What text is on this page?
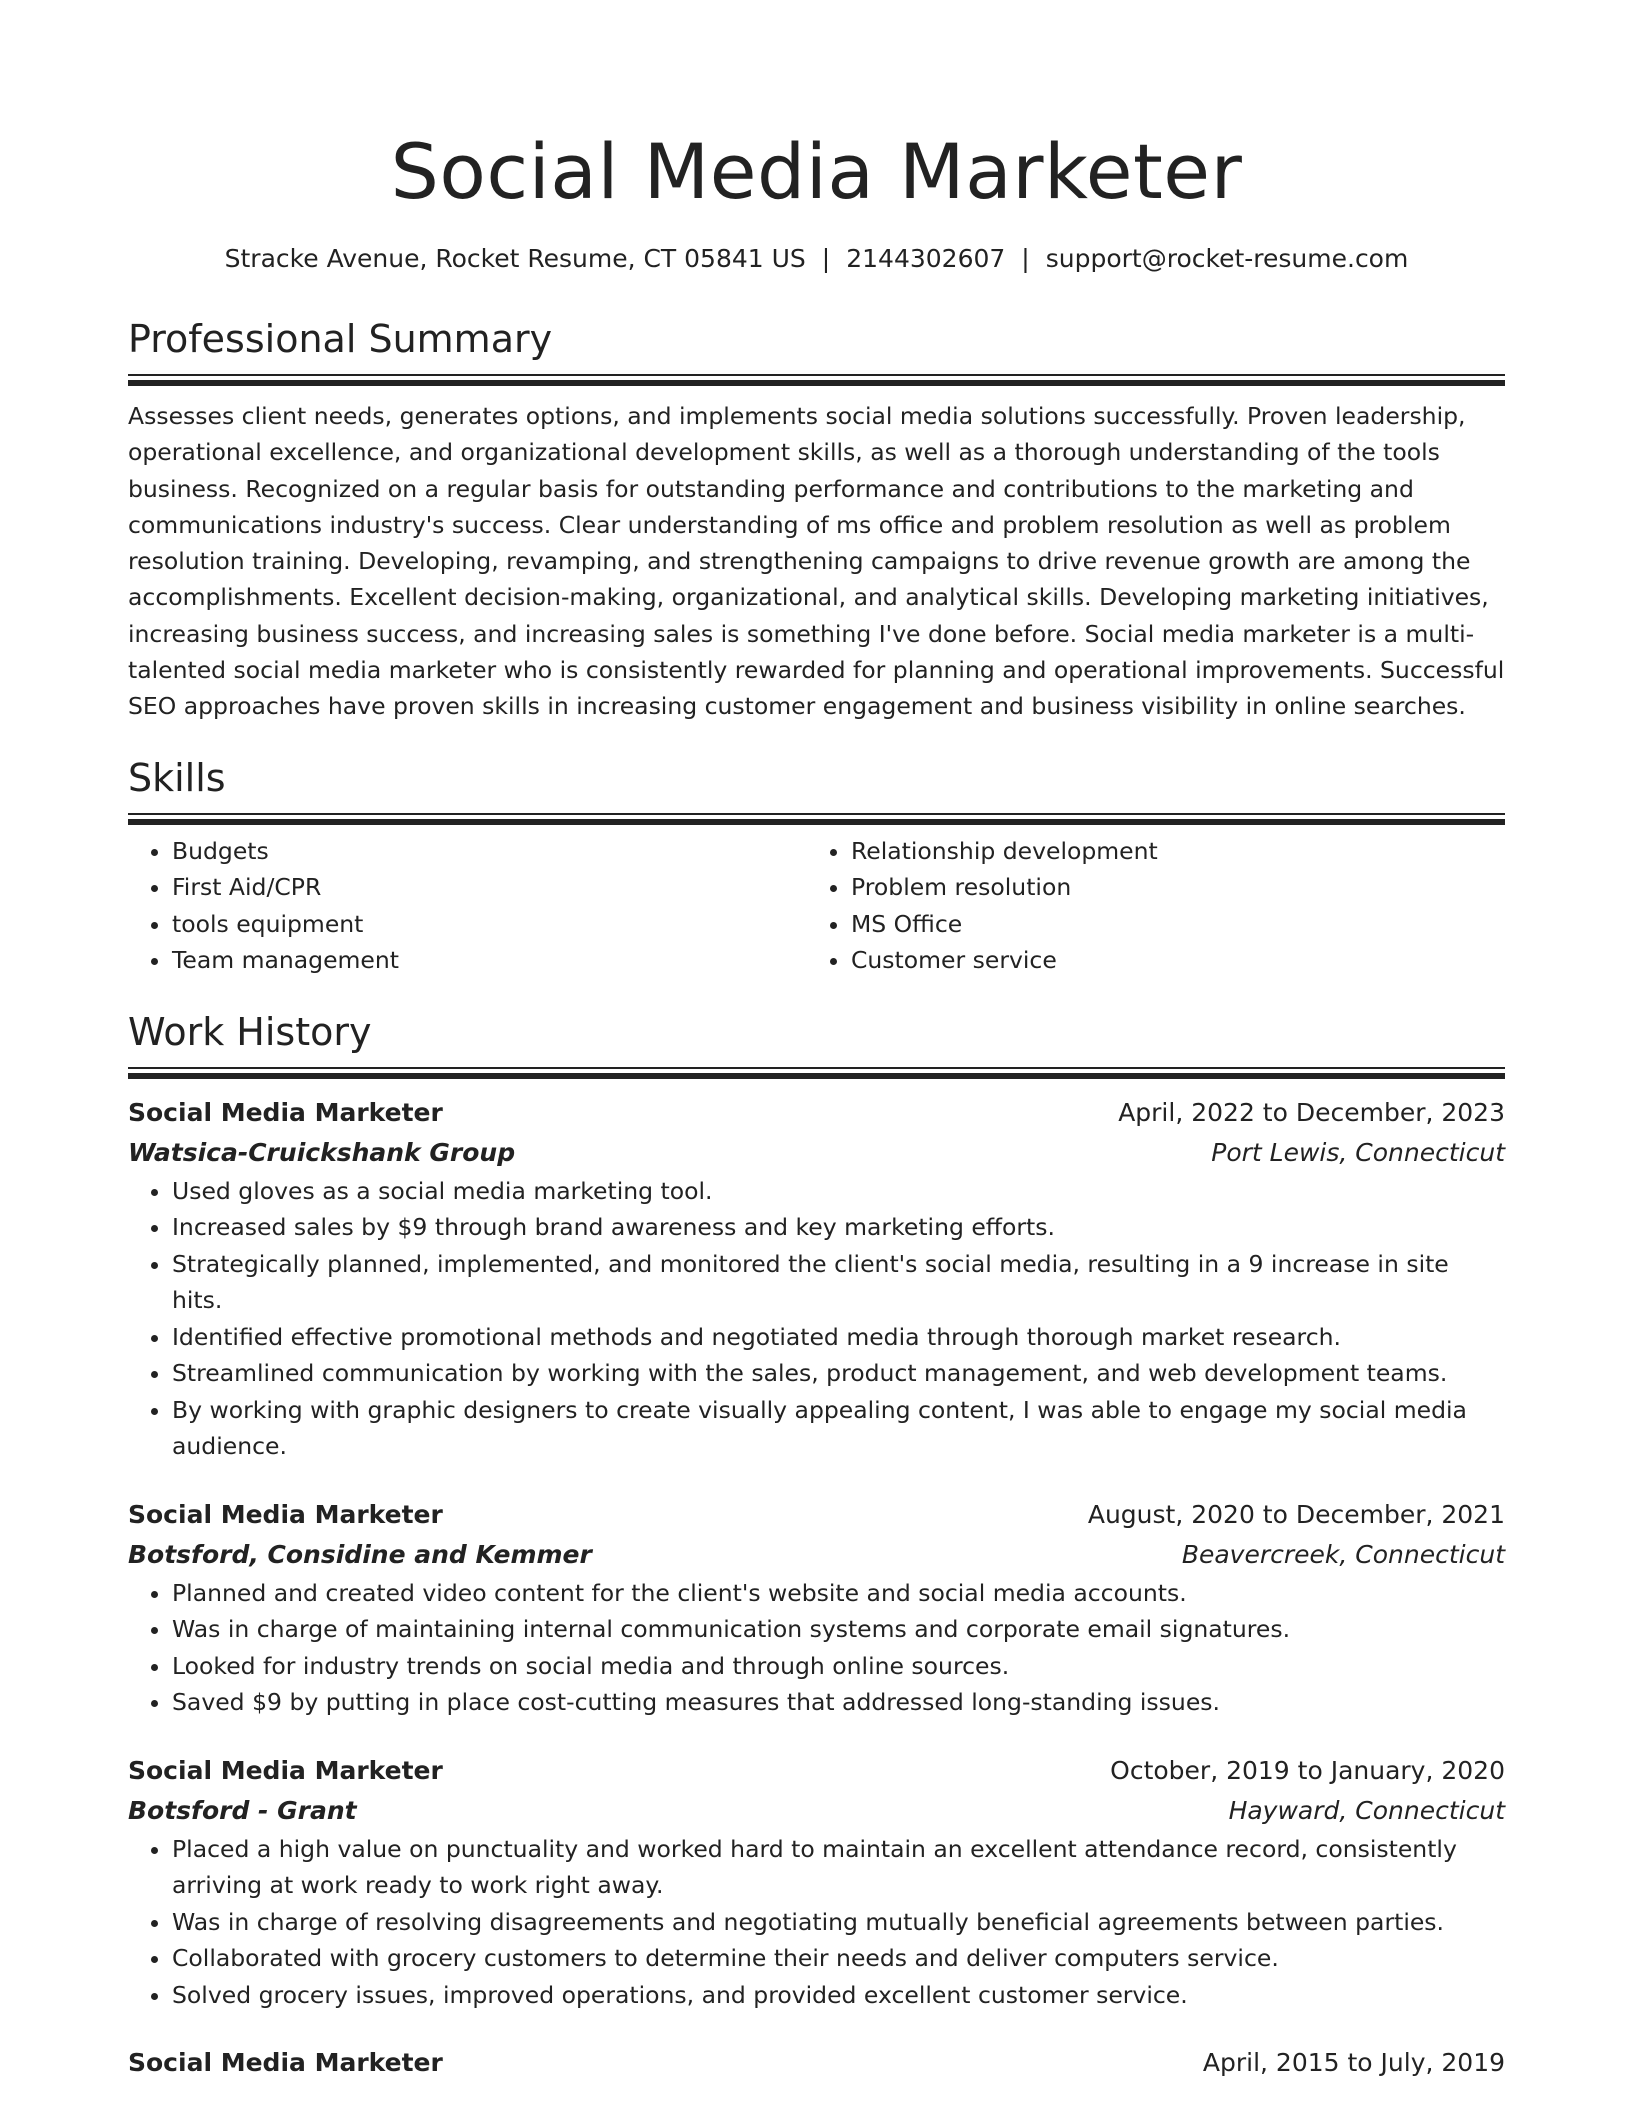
Social Media Marketer
Stracke Avenue, Rocket Resume, CT 05841 US | 2144302607 | support@rocket-resume.com
Professional Summary
Assesses client needs, generates options, and implements social media solutions successfully. Proven leadership, operational excellence, and organizational development skills, as well as a thorough understanding of the tools business. Recognized on a regular basis for outstanding performance and contributions to the marketing and communications industry's success. Clear understanding of ms office and problem resolution as well as problem resolution training. Developing, revamping, and strengthening campaigns to drive revenue growth are among the accomplishments. Excellent decision-making, organizational, and analytical skills. Developing marketing initiatives, increasing business success, and increasing sales is something I've done before. Social media marketer is a multi-talented social media marketer who is consistently rewarded for planning and operational improvements. Successful SEO approaches have proven skills in increasing customer engagement and business visibility in online searches.
Skills
• Budgets
• First Aid/CPR
• tools equipment
• Team management
• Relationship development
• Problem resolution
• MS Office
• Customer service
Work History
Social Media Marketer	April, 2022 to December, 2023
Watsica-Cruickshank Group	Port Lewis, Connecticut
• Used gloves as a social media marketing tool.
• Increased sales by $9 through brand awareness and key marketing efforts.
• Strategically planned, implemented, and monitored the client's social media, resulting in a 9 increase in site hits.
• Identified effective promotional methods and negotiated media through thorough market research.
• Streamlined communication by working with the sales, product management, and web development teams.
• By working with graphic designers to create visually appealing content, I was able to engage my social media audience.
Social Media Marketer	August, 2020 to December, 2021
Botsford, Considine and Kemmer	Beavercreek, Connecticut
• Planned and created video content for the client's website and social media accounts.
• Was in charge of maintaining internal communication systems and corporate email signatures.
• Looked for industry trends on social media and through online sources.
• Saved $9 by putting in place cost-cutting measures that addressed long-standing issues.
Social Media Marketer	October, 2019 to January, 2020
Botsford - Grant	Hayward, Connecticut
• Placed a high value on punctuality and worked hard to maintain an excellent attendance record, consistently arriving at work ready to work right away.
• Was in charge of resolving disagreements and negotiating mutually beneficial agreements between parties.
• Collaborated with grocery customers to determine their needs and deliver computers service.
• Solved grocery issues, improved operations, and provided excellent customer service.
Social Media Marketer	April, 2015 to July, 2019
